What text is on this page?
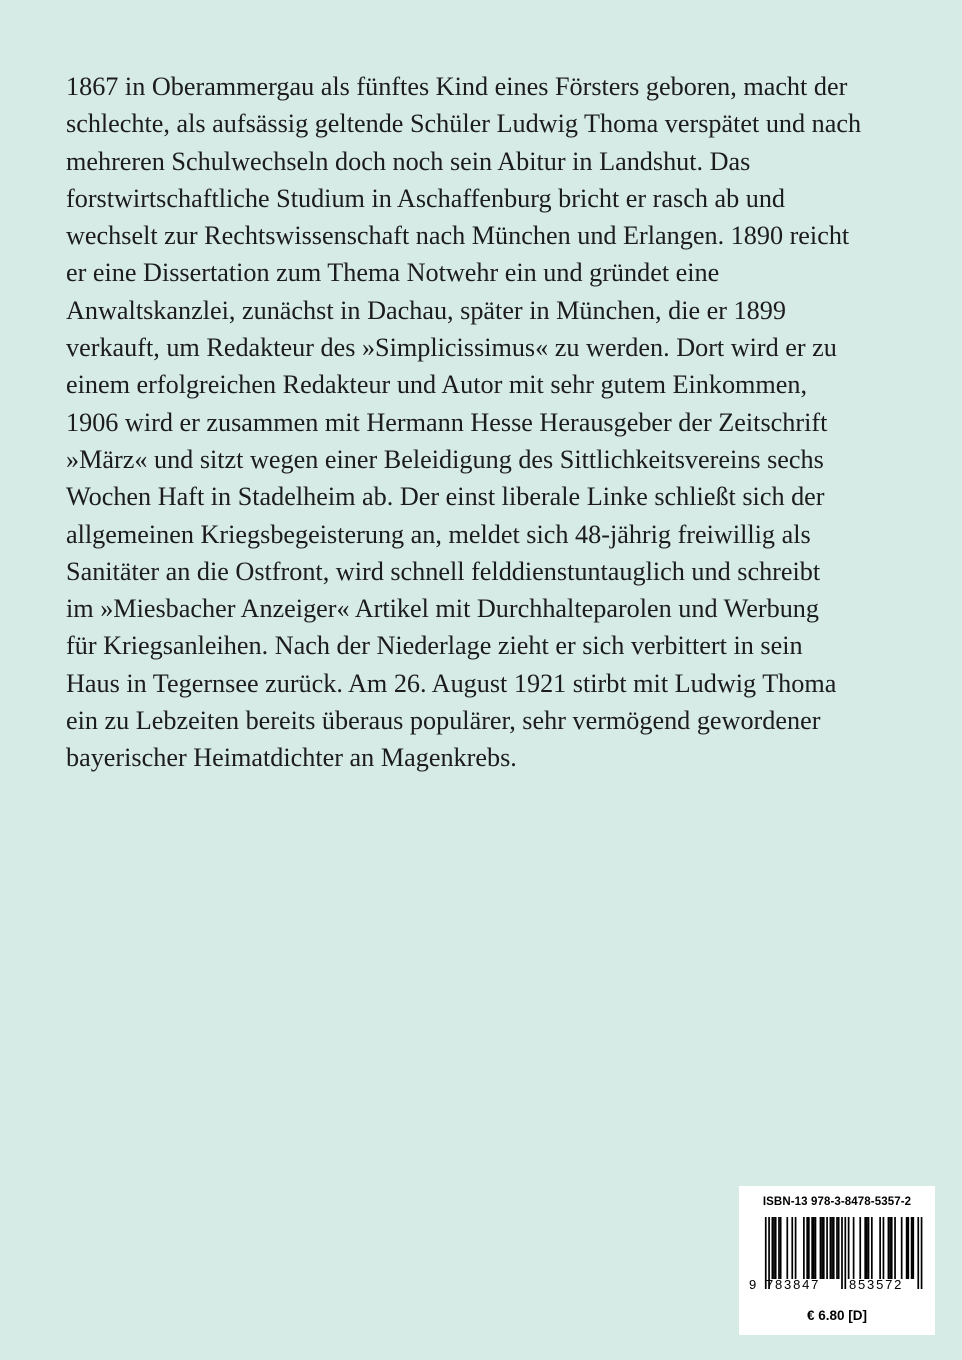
1867 in Oberammergau als fünftes Kind eines Försters geboren, macht der
schlechte, als aufsässig geltende Schüler Ludwig Thoma verspätet und nach
mehreren Schulwechseln doch noch sein Abitur in Landshut. Das
forstwirtschaftliche Studium in Aschaffenburg bricht er rasch ab und
wechselt zur Rechtswissenschaft nach München und Erlangen. 1890 reicht
er eine Dissertation zum Thema Notwehr ein und gründet eine
Anwaltskanzlei, zunächst in Dachau, später in München, die er 1899
verkauft, um Redakteur des »Simplicissimus« zu werden. Dort wird er zu
einem erfolgreichen Redakteur und Autor mit sehr gutem Einkommen,
1906 wird er zusammen mit Hermann Hesse Herausgeber der Zeitschrift
»März« und sitzt wegen einer Beleidigung des Sittlichkeitsvereins sechs
Wochen Haft in Stadelheim ab. Der einst liberale Linke schließt sich der
allgemeinen Kriegsbegeisterung an, meldet sich 48-jährig freiwillig als
Sanitäter an die Ostfront, wird schnell felddienstuntauglich und schreibt
im »Miesbacher Anzeiger« Artikel mit Durchhalteparolen und Werbung
für Kriegsanleihen. Nach der Niederlage zieht er sich verbittert in sein
Haus in Tegernsee zurück. Am 26. August 1921 stirbt mit Ludwig Thoma
ein zu Lebzeiten bereits überaus populärer, sehr vermögend gewordener
bayerischer Heimatdichter an Magenkrebs.
ISBN-13 978-3-8478-5357-2
9 783847 853572
€ 6.80 [D]
